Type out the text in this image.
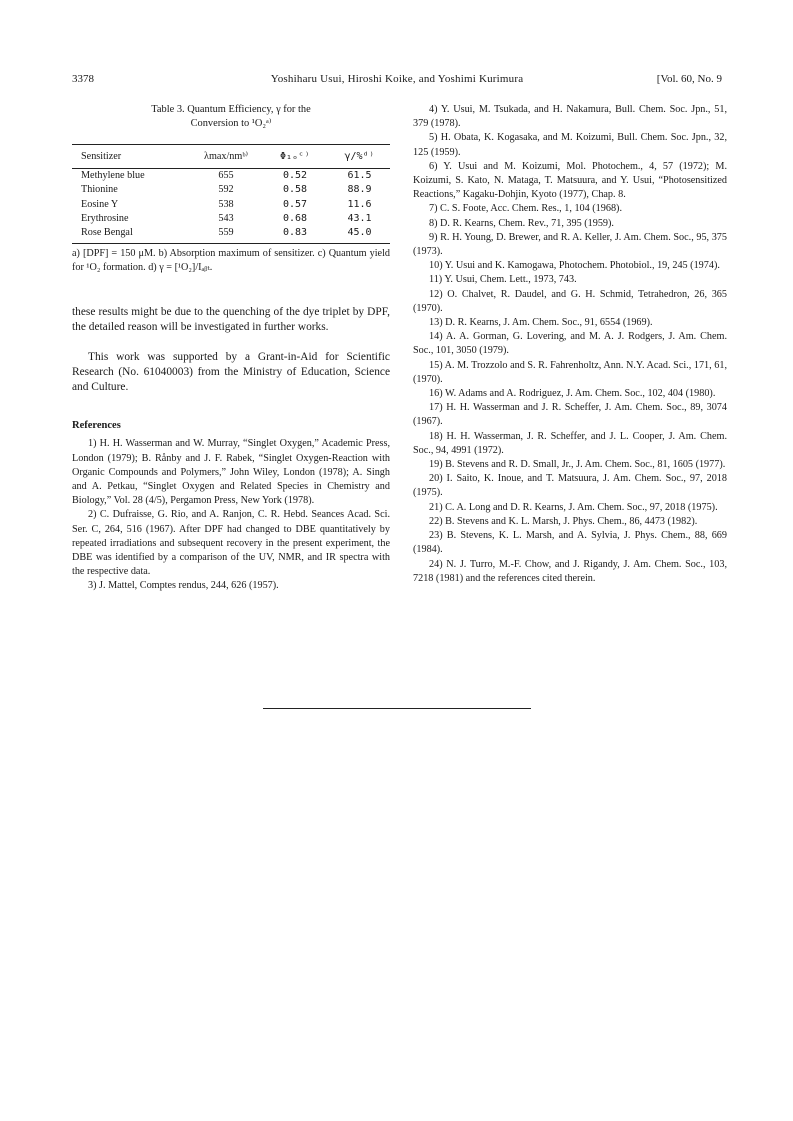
3378	Yoshiharu Usui, Hiroshi Koike, and Yoshimi Kurimura	[Vol. 60, No. 9
Table 3. Quantum Efficiency, γ for the
Conversion to ¹O₂ᵃ⁾
Sensitizer	λmax/nmᵇ⁾	Φ₁ₒᶜ⁾	γ/%ᵈ⁾
Methylene blue	655	0.52	61.5
Thionine	592	0.58	88.9
Eosine Y	538	0.57	11.6
Erythrosine	543	0.68	43.1
Rose Bengal	559	0.83	45.0
a) [DPF] = 150 μM. b) Absorption maximum of sensitizer. c) Quantum yield for ¹O₂ formation. d) γ = [¹O₂]/Iₐᵦₜ.

these results might be due to the quenching of the dye triplet by DPF, the detailed reason will be investigated in further works.

This work was supported by a Grant-in-Aid for Scientific Research (No. 61040003) from the Ministry of Education, Science and Culture.

References

1) H. H. Wasserman and W. Murray, “Singlet Oxygen,” Academic Press, London (1979); B. Rånby and J. F. Rabek, “Singlet Oxygen-Reaction with Organic Compounds and Polymers,” John Wiley, London (1978); A. Singh and A. Petkau, “Singlet Oxygen and Related Species in Chemistry and Biology,” Vol. 28 (4/5), Pergamon Press, New York (1978).

2) C. Dufraisse, G. Rio, and A. Ranjon, C. R. Hebd. Seances Acad. Sci. Ser. C, 264, 516 (1967). After DPF had changed to DBE quantitatively by repeated irradiations and subsequent recovery in the present experiment, the DBE was identified by a comparison of the UV, NMR, and IR spectra with the respective data.

3) J. Mattel, Comptes rendus, 244, 626 (1957).

4) Y. Usui, M. Tsukada, and H. Nakamura, Bull. Chem. Soc. Jpn., 51, 379 (1978).

5) H. Obata, K. Kogasaka, and M. Koizumi, Bull. Chem. Soc. Jpn., 32, 125 (1959).

6) Y. Usui and M. Koizumi, Mol. Photochem., 4, 57 (1972); M. Koizumi, S. Kato, N. Mataga, T. Matsuura, and Y. Usui, “Photosensitized Reactions,” Kagaku-Dohjin, Kyoto (1977), Chap. 8.

7) C. S. Foote, Acc. Chem. Res., 1, 104 (1968).

8) D. R. Kearns, Chem. Rev., 71, 395 (1959).

9) R. H. Young, D. Brewer, and R. A. Keller, J. Am. Chem. Soc., 95, 375 (1973).

10) Y. Usui and K. Kamogawa, Photochem. Photobiol., 19, 245 (1974).

11) Y. Usui, Chem. Lett., 1973, 743.

12) O. Chalvet, R. Daudel, and G. H. Schmid, Tetrahedron, 26, 365 (1970).

13) D. R. Kearns, J. Am. Chem. Soc., 91, 6554 (1969).

14) A. A. Gorman, G. Lovering, and M. A. J. Rodgers, J. Am. Chem. Soc., 101, 3050 (1979).

15) A. M. Trozzolo and S. R. Fahrenholtz, Ann. N.Y. Acad. Sci., 171, 61, (1970).

16) W. Adams and A. Rodriguez, J. Am. Chem. Soc., 102, 404 (1980).

17) H. H. Wasserman and J. R. Scheffer, J. Am. Chem. Soc., 89, 3074 (1967).

18) H. H. Wasserman, J. R. Scheffer, and J. L. Cooper, J. Am. Chem. Soc., 94, 4991 (1972).

19) B. Stevens and R. D. Small, Jr., J. Am. Chem. Soc., 81, 1605 (1977).

20) I. Saito, K. Inoue, and T. Matsuura, J. Am. Chem. Soc., 97, 2018 (1975).

21) C. A. Long and D. R. Kearns, J. Am. Chem. Soc., 97, 2018 (1975).

22) B. Stevens and K. L. Marsh, J. Phys. Chem., 86, 4473 (1982).

23) B. Stevens, K. L. Marsh, and A. Sylvia, J. Phys. Chem., 88, 669 (1984).

24) N. J. Turro, M.-F. Chow, and J. Rigandy, J. Am. Chem. Soc., 103, 7218 (1981) and the references cited therein.
